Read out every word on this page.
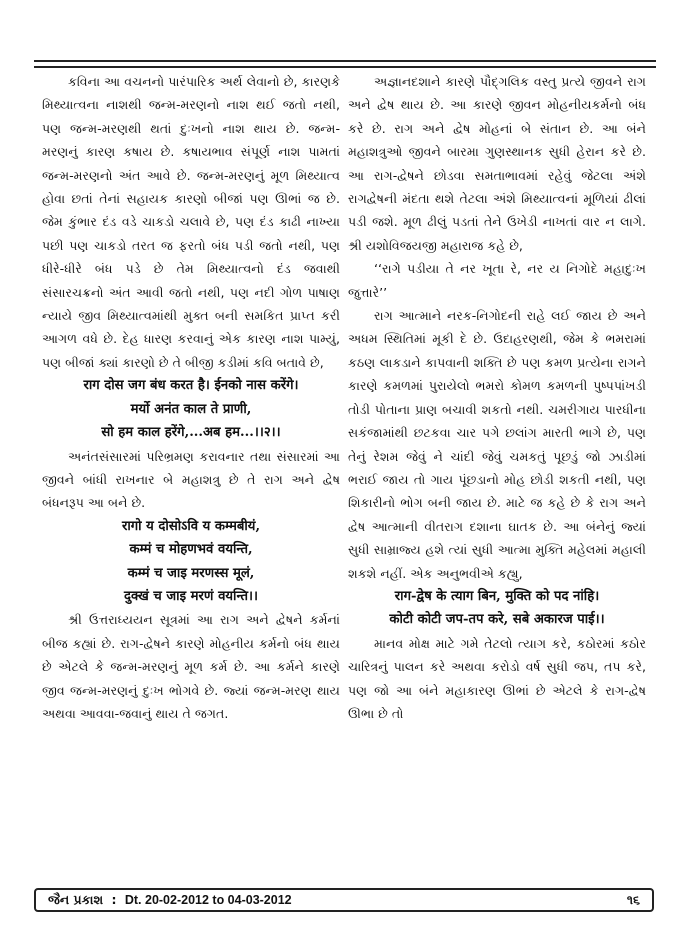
કવિના આ વચનનો પારંપારિક અર્થ લેવાનો છે, કારણકે મિથ્યાત્વના નાશથી જન્મ-મરણનો નાશ થઈ જતો નથી, પણ જન્મ-મરણથી થતાં દુઃખનો નાશ થાય છે. જન્મ-મરણનું કારણ કષાય છે. કષાયભાવ સંપૂર્ણ નાશ પામતાં જન્મ-મરણનો અંત આવે છે. જન્મ-મરણનું મૂળ મિથ્યાત્વ હોવા છતાં તેનાં સહાયક કારણો બીજાં પણ ઊભાં જ છે. જેમ કુંભાર દંડ વડે ચાકડો ચલાવે છે, પણ દંડ કાઢી નાખ્યા પછી પણ ચાકડો તરત જ ફરતો બંધ પડી જતો નથી, પણ ધીરે-ધીરે બંધ પડે છે તેમ મિથ્યાત્વનો દંડ જવાથી સંસારચક્રનો અંત આવી જતો નથી, પણ નદી ગોળ પાષાણ ન્યાયે જીવ મિથ્યાત્વમાંથી મુક્ત બની સમકિત પ્રાપ્ત કરી આગળ વધે છે. દેહ ધારણ કરવાનું એક કારણ નાશ પામ્યું, પણ બીજાં ક્યાં કારણો છે તે બીજી કડીમાં કવિ બતાવે છે,

राग दोस जग बंध करत है। ईनको नास करेंगे।

मर्यो अनंत काल ते प्राणी,

सो हम काल हरेंगे,...अब हम...।।२।।

અનંતસંસારમાં પરિભ્રમણ કરાવનાર તથા સંસારમાં આ જીવને બાંધી રાખનાર બે મહાશત્રુ છે તે રાગ અને દ્વેષ બંધનરૂપ આ બને છે.

रागो य दोसोऽवि य कम्मबीयं,

कम्मं च मोहणभवं वयन्ति,

कम्मं च जाइ मरणस्स मूलं,

दुक्खं च जाइ मरणं वयन्ति।।

શ્રી ઉત્તરાધ્યયન સૂત્રમાં આ રાગ અને દ્વેષને કર્મનાં બીજ કહ્યાં છે. રાગ-દ્વેષને કારણે મોહનીય કર્મનો બંધ થાય છે એટલે કે જન્મ-મરણનું મૂળ કર્મ છે. આ કર્મને કારણે જીવ જન્મ-મરણનું દુઃખ ભોગવે છે. જ્યાં જન્મ-મરણ થાય અથવા આવવા-જવાનું થાય તે જગત.

અજ્ઞાનદશાને કારણે પૌદ્ગલિક વસ્તુ પ્રત્યે જીવને રાગ અને દ્વેષ થાય છે. આ કારણે જીવન મોહનીયકર્મનો બંધ કરે છે. રાગ અને દ્વેષ મોહનાં બે સંતાન છે. આ બંને મહાશત્રુઓ જીવને બારમા ગુણસ્થાનક સુધી હેરાન કરે છે. આ રાગ-દ્વેષને છોડવા સમતાભાવમાં રહેવું જેટલા અંશે રાગદ્વેષની મંદતા થશે તેટલા અંશે મિથ્યાત્વનાં મૂળિયાં ઢીલાં પડી જશે. મૂળ ઢીલું પડતાં તેને ઉખેડી નાખતાં વાર ન લાગે. શ્રી યશોવિજયજી મહારાજ કહે છે,

‘‘રાગે પડીયા તે નર ખૂતા રે, નર ય નિગોદે મહાદુઃખ જુત્તારે’’

રાગ આત્માને નરક-નિગોદની રાહે લઈ જાય છે અને અધમ સ્થિતિમાં મૂકી દે છે. ઉદાહરણથી, જેમ કે ભમરામાં કઠણ લાકડાને કાપવાની શક્તિ છે પણ કમળ પ્રત્યેના રાગને કારણે કમળમાં પુરાયેલો ભમરો કોમળ કમળની પુષ્પપાંખડી તોડી પોતાના પ્રાણ બચાવી શકતો નથી. ચમરીગાય પારધીના સકંજામાંથી છટકવા ચાર પગે છલાંગ મારતી ભાગે છે, પણ તેનું રેશમ જેવું ને ચાંદી જેવું ચમકતું પૂછડું જો ઝાડીમાં ભરાઈ જાય તો ગાય પૂંછડાનો મોહ છોડી શકતી નથી, પણ શિકારીનો ભોગ બની જાય છે. માટે જ કહે છે કે રાગ અને દ્વેષ આત્માની વીતરાગ દશાના ઘાતક છે. આ બંનેનું જ્યાં સુધી સામ્રાજ્ય હશે ત્યાં સુધી આત્મા મુક્તિ મહેલમાં મહાલી શકશે નહીં. એક અનુભવીએ કહ્યુ,

राग-द्वेष के त्याग बिन, मुक्ति को पद नांहि।

कोटी कोटी जप-तप करे, सबे अकारज पाई।।

માનવ મોક્ષ માટે ગમે તેટલો ત્યાગ કરે, કઠોરમાં કઠોર ચારિત્રનું પાલન કરે અથવા કરોડો વર્ષ સુધી જપ, તપ કરે, પણ જો આ બંને મહાકારણ ઊભાં છે એટલે કે રાગ-દ્વેષ ઊભા છે તો

જૈન પ્રકાશ : Dt. 20-02-2012 to 04-03-2012	૧૬
